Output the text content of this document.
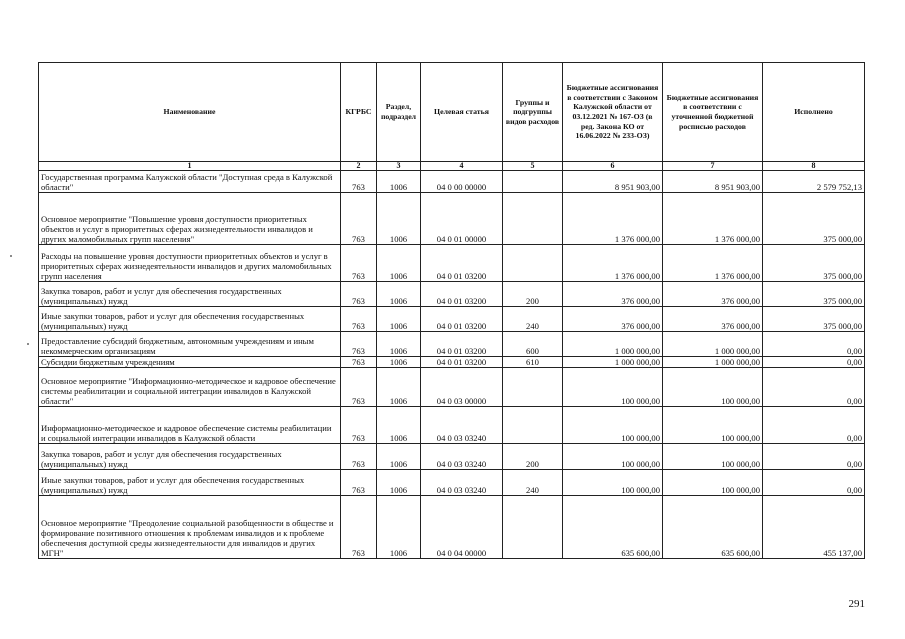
Наименование	КГРБС	Раздел, подраздел	Целевая статья	Группы и подгруппы видов расходов	Бюджетные ассигнования в соответствии с Законом Калужской области от 03.12.2021 № 167-ОЗ (в ред. Закона КО от 16.06.2022 № 233-ОЗ)	Бюджетные ассигнования в соответствии с уточненной бюджетной росписью расходов	Исполнено
1	2	3	4	5	6	7	8
Государственная программа Калужской области "Доступная среда в Калужской области"	763	1006	04 0 00 00000		8 951 903,00	8 951 903,00	2 579 752,13
Основное мероприятие "Повышение уровня доступности приоритетных объектов и услуг в приоритетных сферах жизнедеятельности инвалидов и других маломобильных групп населения"	763	1006	04 0 01 00000		1 376 000,00	1 376 000,00	375 000,00
Расходы на повышение уровня доступности приоритетных объектов и услуг в приоритетных сферах жизнедеятельности инвалидов и других маломобильных групп населения	763	1006	04 0 01 03200		1 376 000,00	1 376 000,00	375 000,00
Закупка товаров, работ и услуг для обеспечения государственных (муниципальных) нужд	763	1006	04 0 01 03200	200	376 000,00	376 000,00	375 000,00
Иные закупки товаров, работ и услуг для обеспечения государственных (муниципальных) нужд	763	1006	04 0 01 03200	240	376 000,00	376 000,00	375 000,00
Предоставление субсидий бюджетным, автономным учреждениям и иным некоммерческим организациям	763	1006	04 0 01 03200	600	1 000 000,00	1 000 000,00	0,00
Субсидии бюджетным учреждениям	763	1006	04 0 01 03200	610	1 000 000,00	1 000 000,00	0,00
Основное мероприятие "Информационно-методическое и кадровое обеспечение системы реабилитации и социальной интеграции инвалидов в Калужской области"	763	1006	04 0 03 00000		100 000,00	100 000,00	0,00
Информационно-методическое и кадровое обеспечение системы реабилитации и социальной интеграции инвалидов в Калужской области	763	1006	04 0 03 03240		100 000,00	100 000,00	0,00
Закупка товаров, работ и услуг для обеспечения государственных (муниципальных) нужд	763	1006	04 0 03 03240	200	100 000,00	100 000,00	0,00
Иные закупки товаров, работ и услуг для обеспечения государственных (муниципальных) нужд	763	1006	04 0 03 03240	240	100 000,00	100 000,00	0,00
Основное мероприятие "Преодоление социальной разобщенности в обществе и формирование позитивного отношения к проблемам инвалидов и к проблеме обеспечения доступной среды жизнедеятельности для инвалидов и других МГН"	763	1006	04 0 04 00000		635 600,00	635 600,00	455 137,00
291
